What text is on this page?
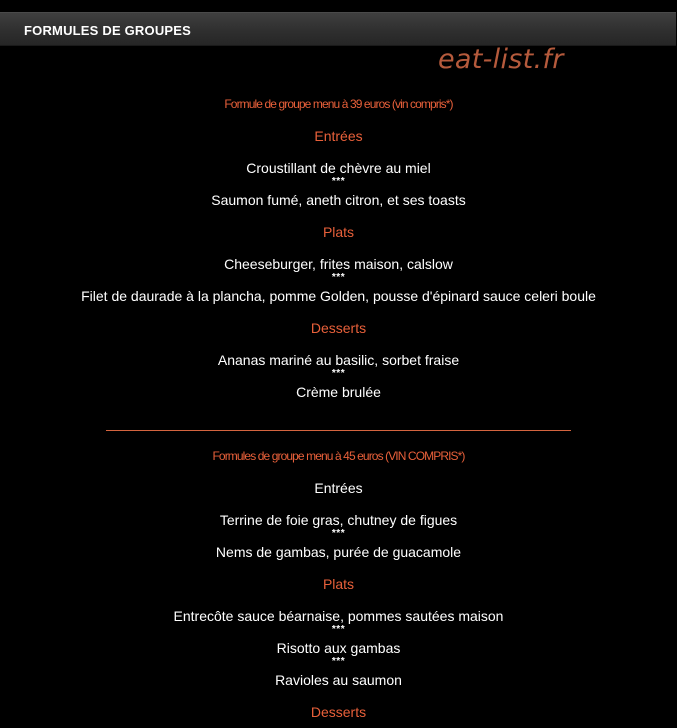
FORMULES DE GROUPES
eat-list.fr
Formule de groupe menu à 39 euros (vin compris*)
Entrées
Croustillant de chèvre au miel
***
Saumon fumé, aneth citron, et ses toasts
Plats
Cheeseburger, frites maison, calslow
***
Filet de daurade à la plancha, pomme Golden, pousse d'épinard sauce celeri boule
Desserts
Ananas mariné au basilic, sorbet fraise
***
Crème brulée
Formules de groupe menu à 45 euros (VIN COMPRIS*)
Entrées
Terrine de foie gras, chutney de figues
***
Nems de gambas, purée de guacamole
Plats
Entrecôte sauce béarnaise, pommes sautées maison
***
Risotto aux gambas
***
Ravioles au saumon
Desserts
